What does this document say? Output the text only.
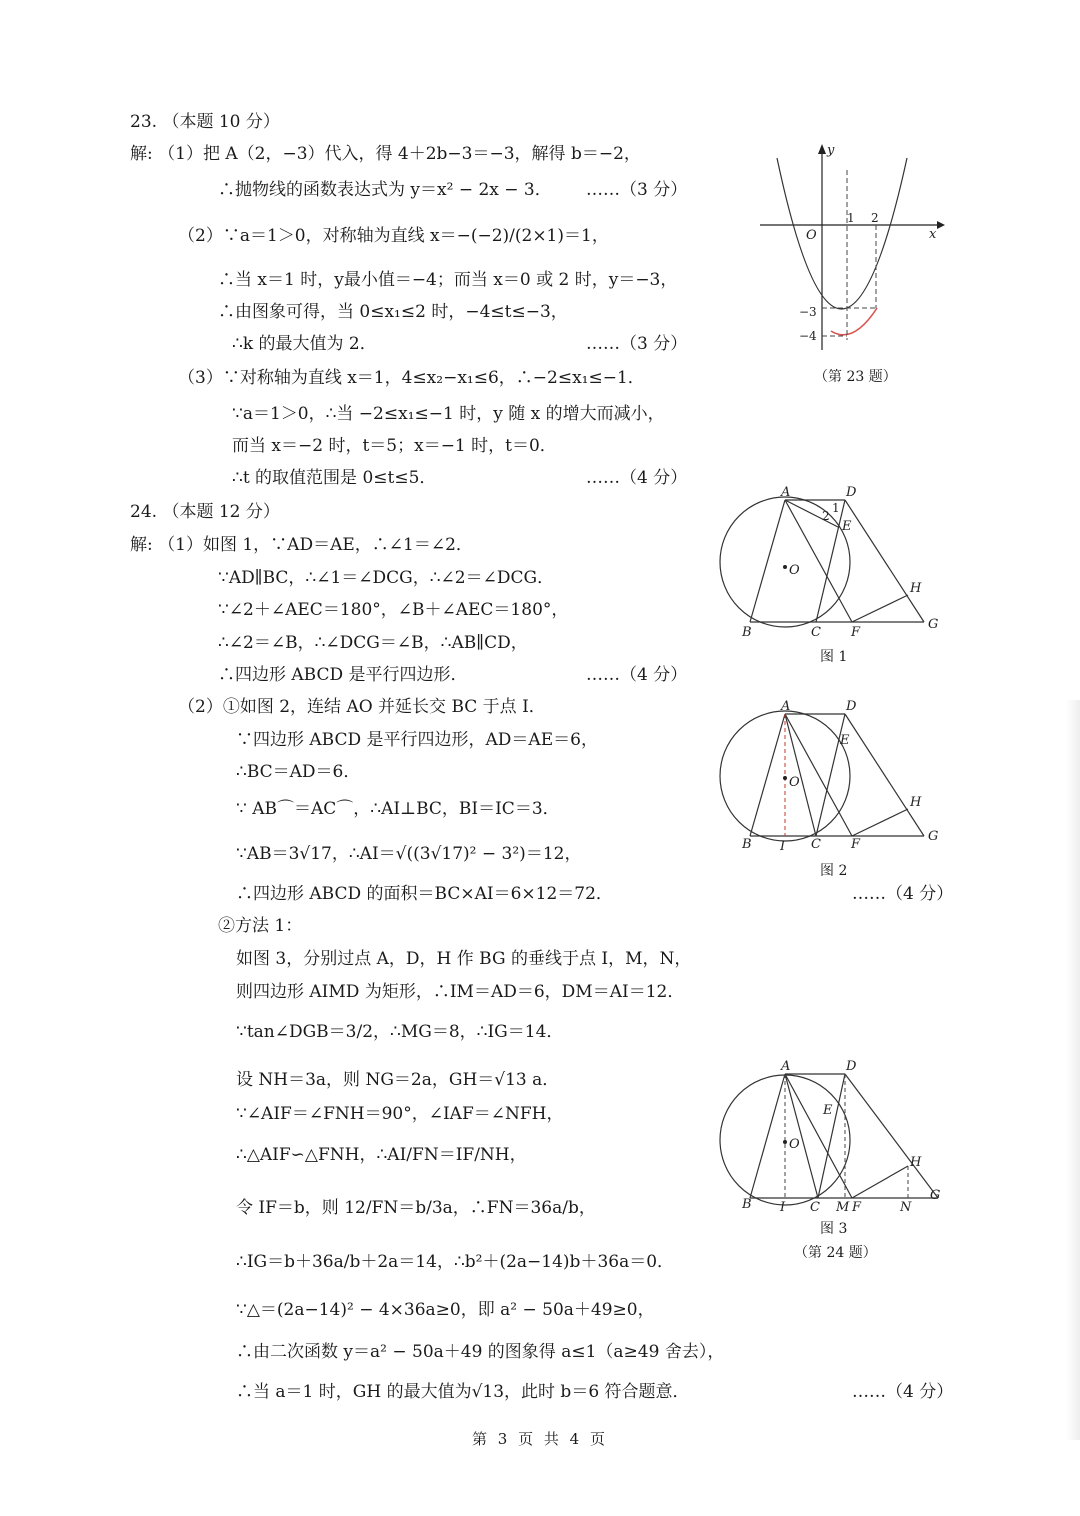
23. （本题 10 分）
解: （1）把 A（2，−3）代入，得 4＋2b−3＝−3，解得 b＝−2，
∴抛物线的函数表达式为 y＝x² − 2x − 3． ……（3 分）
（2）∵a＝1＞0，对称轴为直线 x＝−(−2)/(2×1)＝1，
∴当 x＝1 时，y最小值＝−4；而当 x＝0 或 2 时，y＝−3，
∴由图象可得，当 0≤x₁≤2 时，−4≤t≤−3，
∴k 的最大值为 2．	……（3 分）
（3）∵对称轴为直线 x＝1，4≤x₂−x₁≤6，∴−2≤x₁≤−1．
∵a＝1＞0，∴当 −2≤x₁≤−1 时，y 随 x 的增大而减小，
而当 x＝−2 时，t＝5；x＝−1 时，t＝0．
∴t 的取值范围是 0≤t≤5．	……（4 分）
y
x
O
1 2
−3
−4
（第 23 题）
24. （本题 12 分）
解: （1）如图 1，∵AD＝AE，∴∠1＝∠2．
∵AD∥BC，∴∠1＝∠DCG，∴∠2＝∠DCG．
∵∠2＋∠AEC＝180°，∠B＋∠AEC＝180°，
∴∠2＝∠B，∴∠DCG＝∠B，∴AB∥CD，
∴四边形 ABCD 是平行四边形．	……（4 分）
（2）①如图 2，连结 AO 并延长交 BC 于点 I．
∵四边形 ABCD 是平行四边形，AD＝AE＝6，
∴BC＝AD＝6．
∵ AB⌒＝AC⌒，∴AI⊥BC，BI＝IC＝3．
∵AB＝3√17，∴AI＝√((3√17)² − 3²)＝12，
∴四边形 ABCD 的面积＝BC×AI＝6×12＝72．	……（4 分）
②方法 1：
如图 3，分别过点 A，D，H 作 BG 的垂线于点 I，M，N，
则四边形 AIMD 为矩形，∴IM＝AD＝6，DM＝AI＝12．
∵tan∠DGB＝3/2，∴MG＝8，∴IG＝14．
设 NH＝3a，则 NG＝2a，GH＝√13 a．
∵∠AIF＝∠FNH＝90°，∠IAF＝∠NFH，
∴△AIF∽△FNH，∴AI/FN＝IF/NH，
令 IF＝b，则 12/FN＝b/3a，∴FN＝36a/b，
∴IG＝b＋36a/b＋2a＝14，∴b²＋(2a−14)b＋36a＝0．
∵△＝(2a−14)² − 4×36a≥0，即 a² − 50a＋49≥0，
∴由二次函数 y＝a² − 50a＋49 的图象得 a≤1（a≥49 舍去），
∴当 a＝1 时，GH 的最大值为√13，此时 b＝6 符合题意．	……（4 分）
A	D
E
1
2
O
H
G
B	C F
图 1
A	D
E
O
H
G
B I C F
图 2
A	D
E
O
H
G
B I C M F	N
图 3
（第 24 题）
第 3 页 共 4 页
